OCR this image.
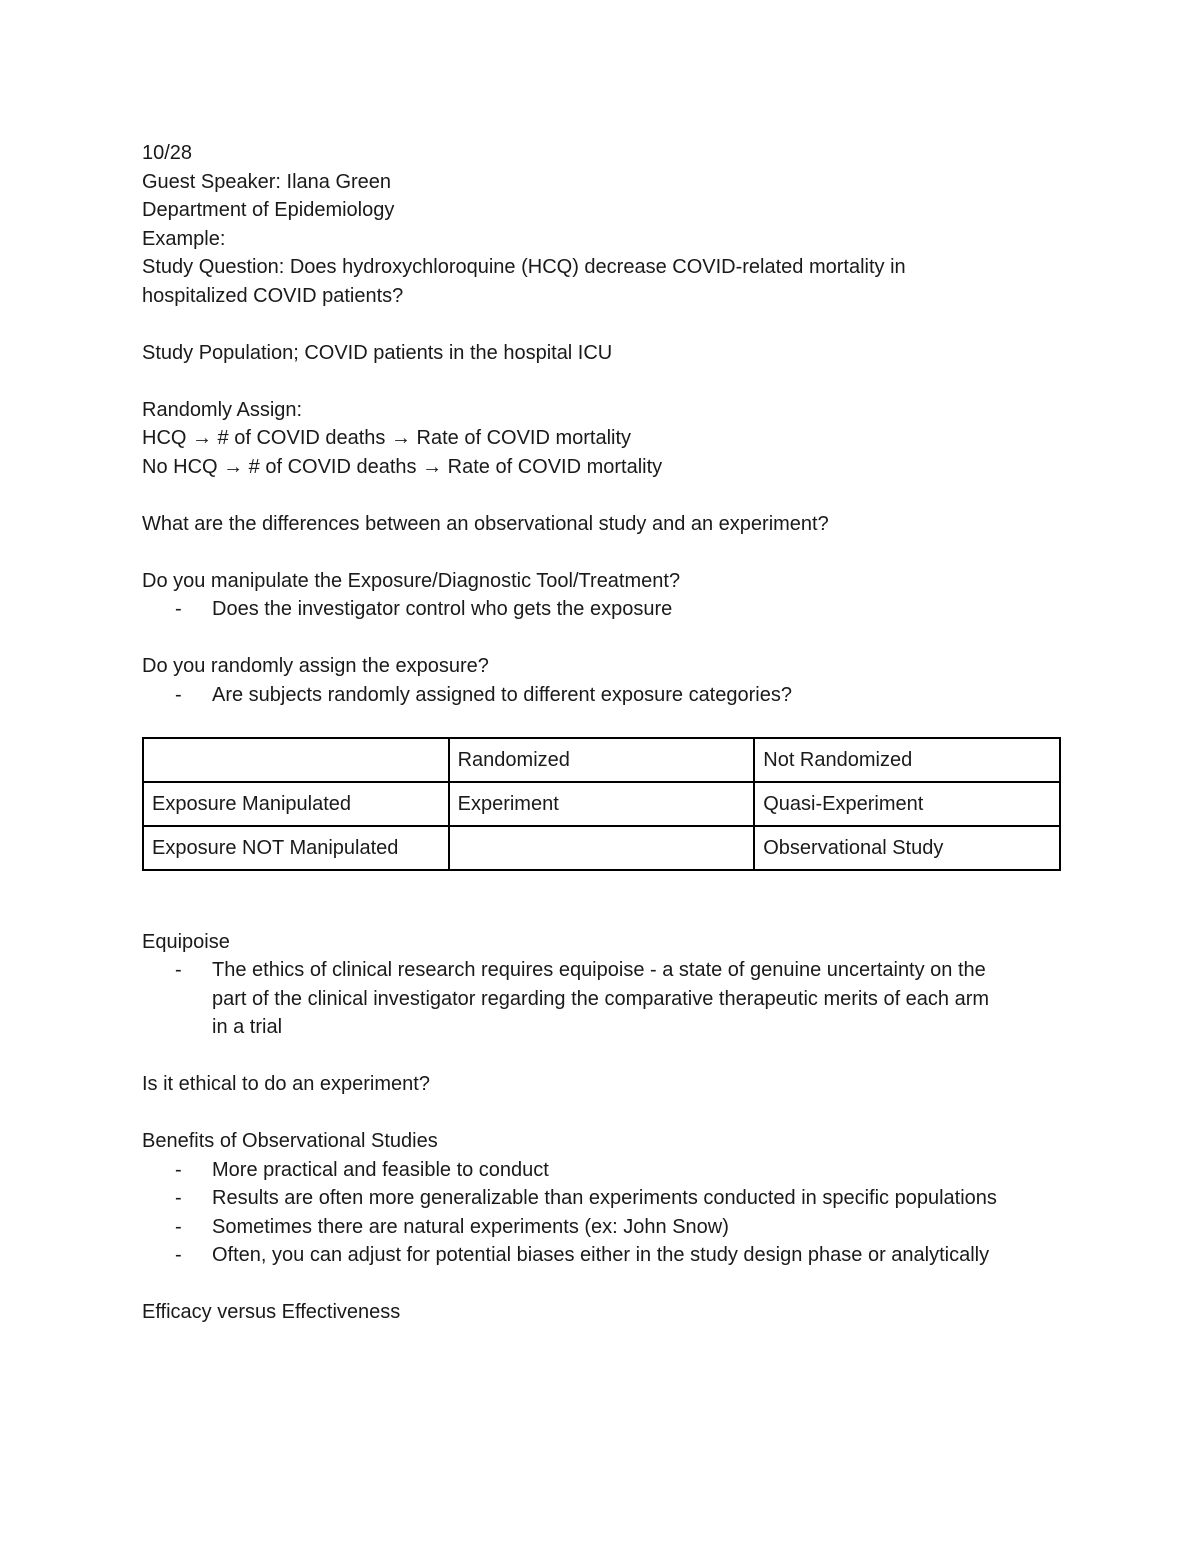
10/28
Guest Speaker: Ilana Green
Department of Epidemiology
Example:
Study Question: Does hydroxychloroquine (HCQ) decrease COVID-related mortality in
hospitalized COVID patients?
Study Population; COVID patients in the hospital ICU
Randomly Assign:
HCQ → # of COVID deaths → Rate of COVID mortality
No HCQ → # of COVID deaths → Rate of COVID mortality
What are the differences between an observational study and an experiment?
Do you manipulate the Exposure/Diagnostic Tool/Treatment?
- Does the investigator control who gets the exposure
Do you randomly assign the exposure?
- Are subjects randomly assigned to different exposure categories?
	Randomized	Not Randomized
Exposure Manipulated	Experiment	Quasi-Experiment
Exposure NOT Manipulated		Observational Study
Equipoise
- The ethics of clinical research requires equipoise - a state of genuine uncertainty on the
part of the clinical investigator regarding the comparative therapeutic merits of each arm
in a trial
Is it ethical to do an experiment?
Benefits of Observational Studies
- More practical and feasible to conduct
- Results are often more generalizable than experiments conducted in specific populations
- Sometimes there are natural experiments (ex: John Snow)
- Often, you can adjust for potential biases either in the study design phase or analytically
Efficacy versus Effectiveness
